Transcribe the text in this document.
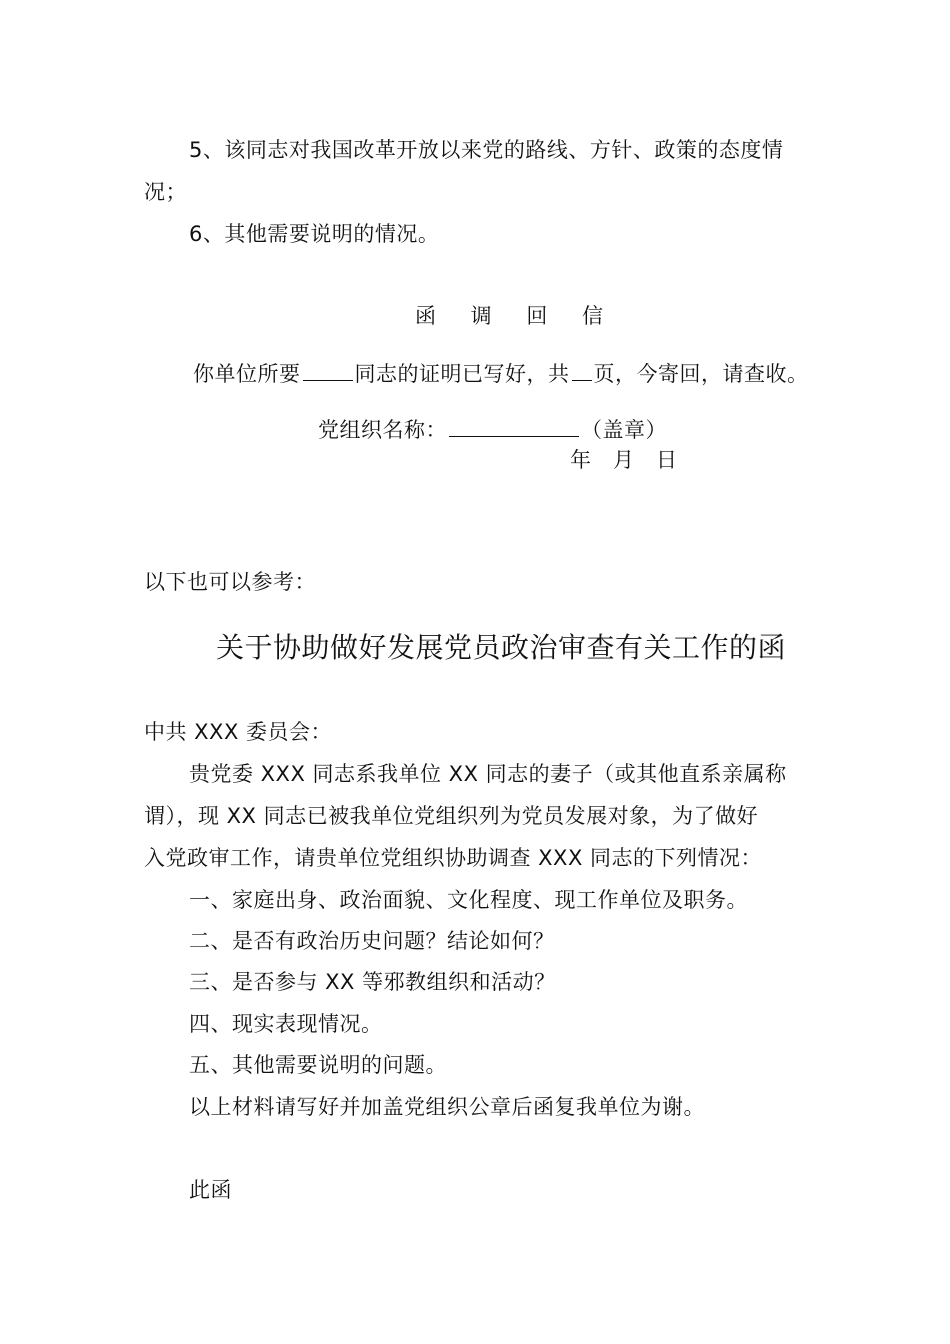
5、该同志对我国改革开放以来党的路线、方针、政策的态度情
况；
6、其他需要说明的情况。
函 调 回 信
你单位所要	同志的证明已写好，共 页，今寄回，请查收。
党组织名称：	（盖章）
年　月　日
以下也可以参考：
关于协助做好发展党员政治审查有关工作的函
中共 XXX 委员会：
贵党委 XXX 同志系我单位 XX 同志的妻子（或其他直系亲属称
谓），现 XX 同志已被我单位党组织列为党员发展对象，为了做好
入党政审工作，请贵单位党组织协助调查 XXX 同志的下列情况：
一、家庭出身、政治面貌、文化程度、现工作单位及职务。
二、是否有政治历史问题？结论如何？
三、是否参与 XX 等邪教组织和活动？
四、现实表现情况。
五、其他需要说明的问题。
以上材料请写好并加盖党组织公章后函复我单位为谢。
此函
